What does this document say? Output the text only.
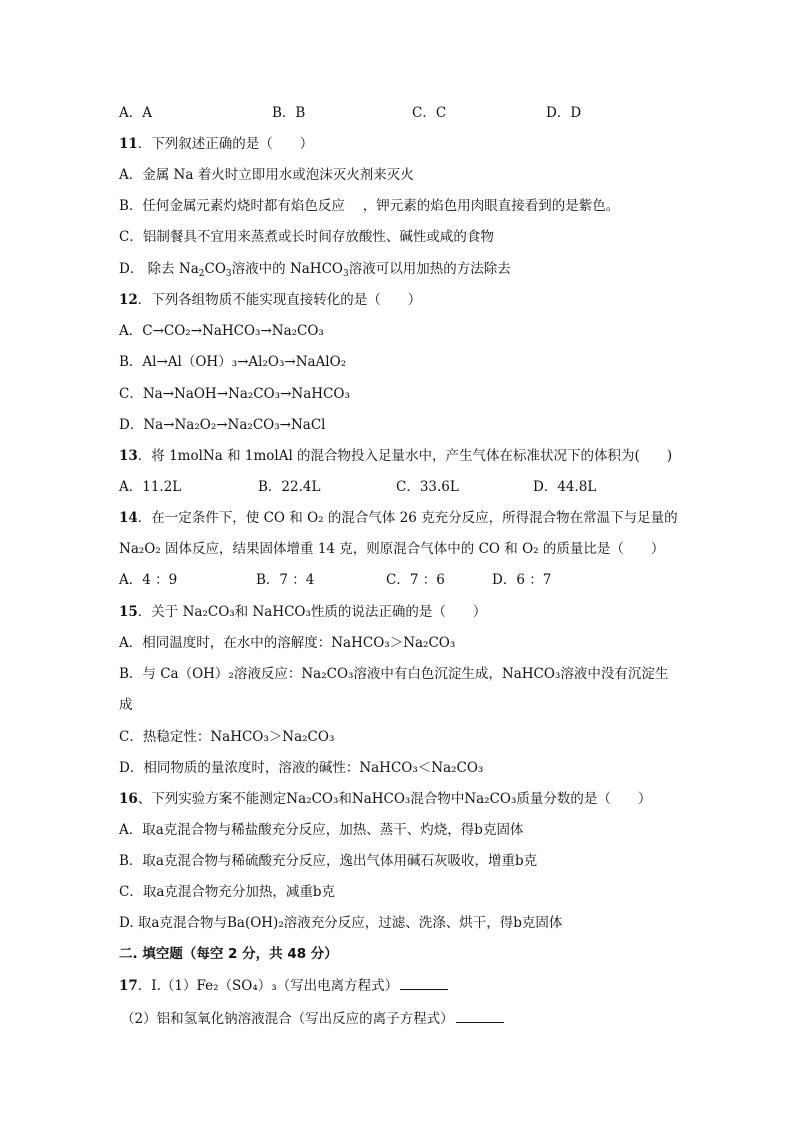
A．A	B．B	C．C	D．D
11．下列叙述正确的是（　　）
A．金属 Na 着火时立即用水或泡沫灭火剂来灭火
B．任何金属元素灼烧时都有焰色反应　 ，钾元素的焰色用肉眼直接看到的是紫色。
C．铝制餐具不宜用来蒸煮或长时间存放酸性、碱性或咸的食物
D． 除去 $Na_2CO_3$溶液中的 NaHCO$_3$溶液可以用加热的方法除去
12．下列各组物质不能实现直接转化的是（　　）
A．C→CO₂→NaHCO₃→Na₂CO₃
B．Al→Al（OH）₃→Al₂O₃→NaAlO₂
C．Na→NaOH→Na₂CO₃→NaHCO₃
D．Na→Na₂O₂→Na₂CO₃→NaCl
13．将 1molNa 和 1molAl 的混合物投入足量水中，产生气体在标准状况下的体积为(　　)
A．11.2L	B．22.4L	C．33.6L	D．44.8L
14．在一定条件下，使 CO 和 O₂ 的混合气体 26 克充分反应，所得混合物在常温下与足量的
Na₂O₂ 固体反应，结果固体增重 14 克，则原混合气体中的 CO 和 O₂ 的质量比是（　　）
A．4 ：9	B．7 ：4	C．7 ：6	D．6 ：7
15．关于 Na₂CO₃和 NaHCO₃性质的说法正确的是（　　）
A．相同温度时，在水中的溶解度：NaHCO₃＞Na₂CO₃
B．与 Ca（OH）₂溶液反应：Na₂CO₃溶液中有白色沉淀生成，NaHCO₃溶液中没有沉淀生
成
C．热稳定性：NaHCO₃＞Na₂CO₃
D．相同物质的量浓度时，溶液的碱性：NaHCO₃＜Na₂CO₃
16、下列实验方案不能测定Na₂CO₃和NaHCO₃混合物中Na₂CO₃质量分数的是（　　）
A．取a克混合物与稀盐酸充分反应，加热、蒸干、灼烧，得b克固体
B．取a克混合物与稀硫酸充分反应，逸出气体用碱石灰吸收，增重b克
C．取a克混合物充分加热，减重b克
D. 取a克混合物与Ba(OH)₂溶液充分反应，过滤、洗涤、烘干，得b克固体
二. 填空题（每空 2 分，共 48 分）
17．Ⅰ.（1）Fe₂（SO₄）₃（写出电离方程式）
（2）铝和氢氧化钠溶液混合（写出反应的离子方程式）
